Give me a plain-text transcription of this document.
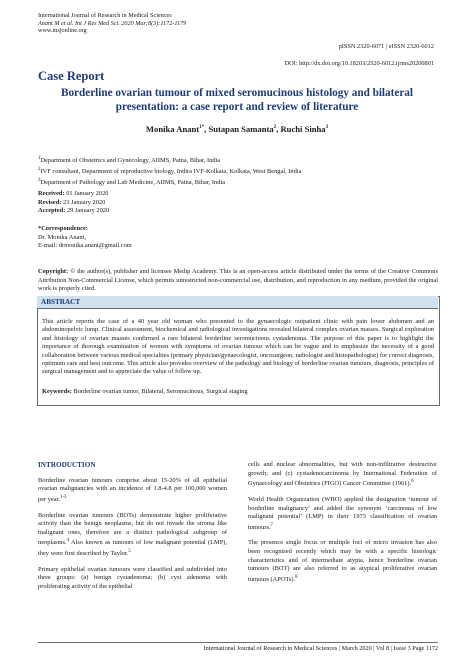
International Journal of Research in Medical Sciences
Anant M et al. Int J Res Med Sci. 2020 Mar;8(3):1172-1179
www.msjonline.org
pISSN 2320-6071 | eISSN 2320-6012
DOI: http://dx.doi.org/10.18203/2320-6012.ijrms20200801
Case Report
Borderline ovarian tumour of mixed seromucinous histology and bilateral presentation: a case report and review of literature
Monika Anant$^{1*}$, Sutapan Samanta$^2$, Ruchi Sinha$^3$
$^1$Department of Obstetrics and Gynecology, AIIMS, Patna, Bihar, India
$^2$IVF consultant, Department of reproductive biology, Indira IVF-Kolkata, Kolkata, West Bengal, India
$^3$Department of Pathology and Lab Medicine, AIIMS, Patna, Bihar, India
Received: 01 January 2020
Revised: 23 January 2020
Accepted: 29 January 2020
*Correspondence:
Dr. Monika Anant,
E-mail: drmonika.anant@gmail.com
Copyright: © the author(s), publisher and licensee Medip Academy. This is an open-access article distributed under the terms of the Creative Commons Attribution Non-Commercial License, which permits unrestricted non-commercial use, distribution, and reproduction in any medium, provided the original work is properly cited.
ABSTRACT
This article reports the case of a 40 year old woman who presented to the gynaecologic outpatient clinic with pain lower abdomen and an abdominopelvic lump. Clinical assessment, biochemical and radiological investigations revealed bilateral complex ovarian masses. Surgical exploration and histology of ovarian masses confirmed a rare bilateral borderline seromucinous cystadenoma. The purpose of this paper is to highlight the importance of thorough examination of women with symptoms of ovarian tumour which can be vague and to emphasize the necessity of a good collaboration between various medical specialties (primary physician/gynaecologist, oncosurgeon, radiologist and histopathologist) for correct diagnosis, optimum care and best outcome. This article also provides overview of the pathology and biology of borderline ovarian tumours, diagnosis, principles of surgical management and to appreciate the value of follow up.
Keywords: Borderline ovarian tumor, Bilateral, Seromucinous, Surgical staging
INTRODUCTION

Borderline ovarian tumours comprise about 15-20% of all epithelial ovarian malignancies with an incidence of 1.8-4.8 per 100,000 women per year.$^{1-3}$

Borderline ovarian tumours (BOTs) demonstrate higher proliferative activity than the benign neoplasms, but do not invade the stroma like malignant ones, therefore are a distinct pathological subgroup of neoplasms.$^4$ Also known as tumours of low malignant potential (LMP), they were first described by Taylor.$^5$

Primary epithelial ovarian tumours were classified and subdivided into three groups: (a) benign cystadenoma; (b) cyst adenoma with proliferating activity of the epithelial

cells and nuclear abnormalities, but with non-infiltrative destructive growth; and (c) cystadenocarcinoma by International Federation of Gynaecology and Obstetrics (FIGO) Cancer Committee (1961).$^6$

World Health Organization (WHO) applied the designation ‘tumour of borderline malignancy’ and added the synonym ‘carcinoma of low malignant potential’ (LMP) in their 1973 classification of ovarian tumours.$^7$

The presence single focus or multiple foci of micro invasion has also been recognised recently which may be with a specific histologic characteristics and of intermediate atypia, hence borderline ovarian tumours (BOT) are also referred to as atypical proliferative ovarian tumours (APOTs).$^8$

International Journal of Research in Medical Sciences | March 2020 | Vol 8 | Issue 3 Page 1172
